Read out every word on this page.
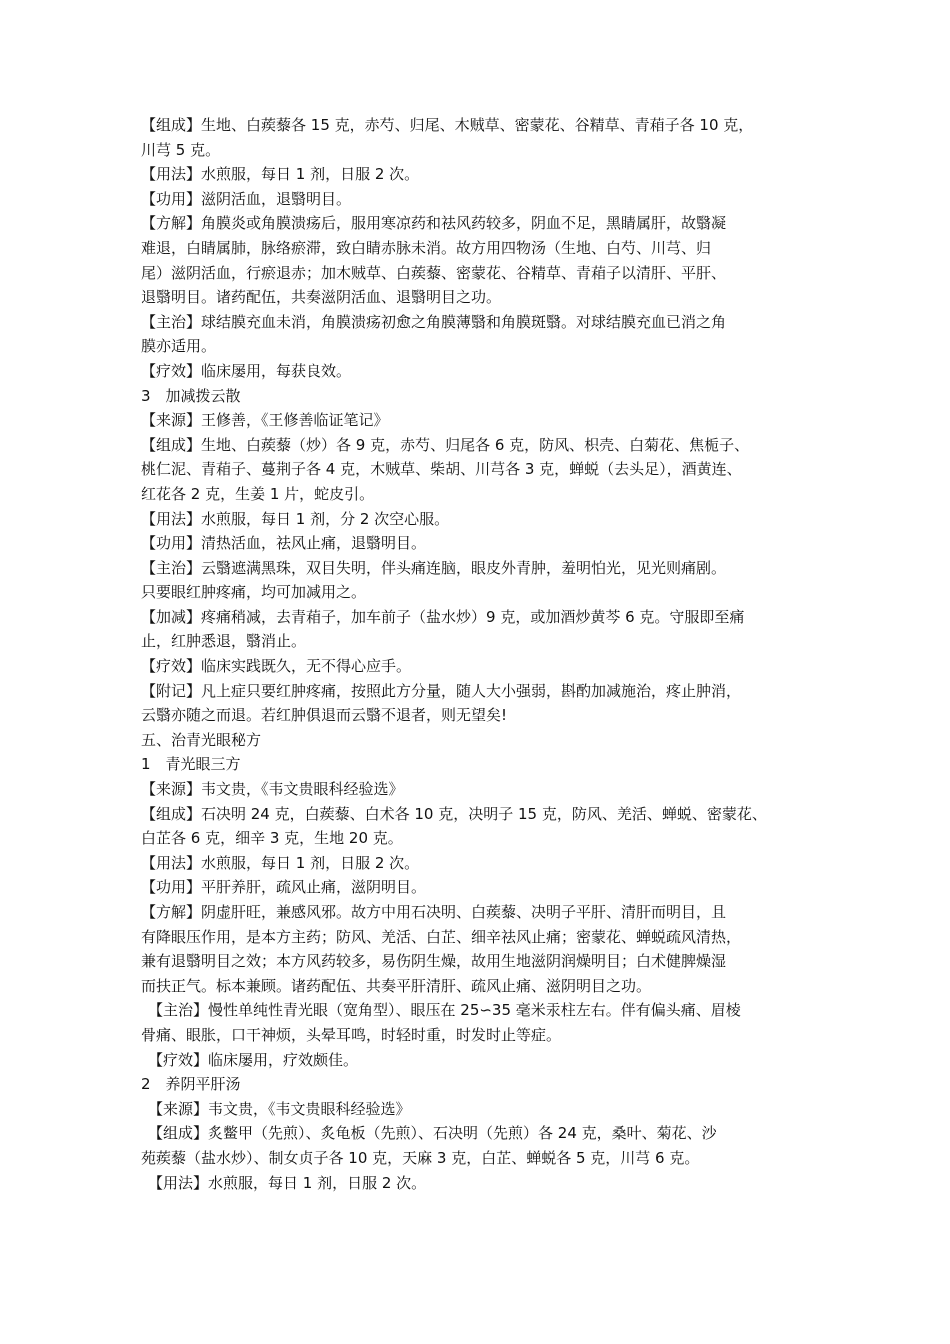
【组成】生地、白蒺藜各 15 克，赤芍、归尾、木贼草、密蒙花、谷精草、青葙子各 10 克，
川芎 5 克。
【用法】水煎服，每日 1 剂，日服 2 次。
【功用】滋阴活血，退翳明目。
【方解】角膜炎或角膜溃疡后，服用寒凉药和祛风药较多，阴血不足，黑睛属肝，故翳凝
难退，白睛属肺，脉络瘀滞，致白睛赤脉未消。故方用四物汤（生地、白芍、川芎、归
尾）滋阴活血，行瘀退赤；加木贼草、白蒺藜、密蒙花、谷精草、青葙子以清肝、平肝、
退翳明目。诸药配伍，共奏滋阴活血、退翳明目之功。
【主治】球结膜充血未消，角膜溃疡初愈之角膜薄翳和角膜斑翳。对球结膜充血已消之角
膜亦适用。
【疗效】临床屡用，每获良效。
3　加减拨云散
【来源】王修善，《王修善临证笔记》
【组成】生地、白蒺藜（炒）各 9 克，赤芍、归尾各 6 克，防风、枳壳、白菊花、焦栀子、
桃仁泥、青葙子、蔓荆子各 4 克，木贼草、柴胡、川芎各 3 克，蝉蜕（去头足），酒黄连、
红花各 2 克，生姜 1 片，蛇皮引。
【用法】水煎服，每日 1 剂，分 2 次空心服。
【功用】清热活血，祛风止痛，退翳明目。
【主治】云翳遮满黑珠，双目失明，伴头痛连脑，眼皮外青肿，羞明怕光，见光则痛剧。
只要眼红肿疼痛，均可加减用之。
【加减】疼痛稍减，去青葙子，加车前子（盐水炒）9 克，或加酒炒黄芩 6 克。守服即至痛
止，红肿悉退，翳消止。
【疗效】临床实践既久，无不得心应手。
【附记】凡上症只要红肿疼痛，按照此方分量，随人大小强弱，斟酌加减施治，疼止肿消，
云翳亦随之而退。若红肿俱退而云翳不退者，则无望矣!
五、治青光眼秘方
1　青光眼三方
【来源】韦文贵，《韦文贵眼科经验选》
【组成】石决明 24 克，白蒺藜、白术各 10 克，决明子 15 克，防风、羌活、蝉蜕、密蒙花、
白芷各 6 克，细辛 3 克，生地 20 克。
【用法】水煎服，每日 1 剂，日服 2 次。
【功用】平肝养肝，疏风止痛，滋阴明目。
【方解】阴虚肝旺，兼感风邪。故方中用石决明、白蒺藜、决明子平肝、清肝而明目，且
有降眼压作用，是本方主药；防风、羌活、白芷、细辛祛风止痛；密蒙花、蝉蜕疏风清热，
兼有退翳明目之效；本方风药较多，易伤阴生燥，故用生地滋阴润燥明目；白术健脾燥湿
而扶正气。标本兼顾。诸药配伍、共奏平肝清肝、疏风止痛、滋阴明目之功。
【主治】慢性单纯性青光眼（宽角型）、眼压在 25∽35 毫米汞柱左右。伴有偏头痛、眉棱
骨痛、眼胀，口干神烦，头晕耳鸣，时轻时重，时发时止等症。
【疗效】临床屡用，疗效颇佳。
2　养阴平肝汤
【来源】韦文贵，《韦文贵眼科经验选》
【组成】炙鳖甲（先煎）、炙龟板（先煎）、石决明（先煎）各 24 克，桑叶、菊花、沙
苑蒺藜（盐水炒）、制女贞子各 10 克，天麻 3 克，白芷、蝉蜕各 5 克，川芎 6 克。
【用法】水煎服，每日 1 剂，日服 2 次。
